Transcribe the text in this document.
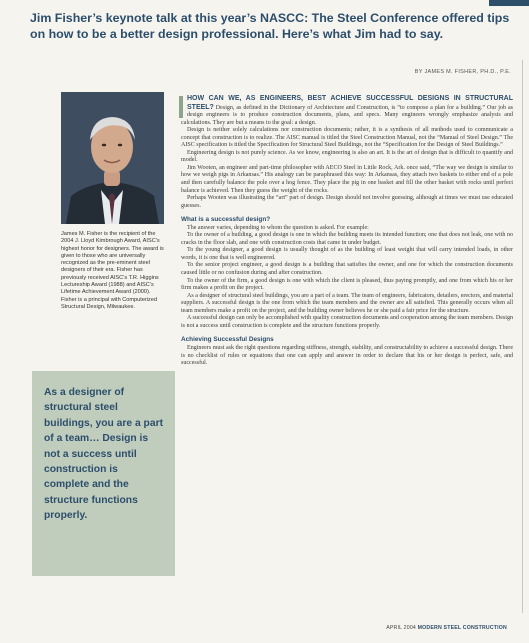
Jim Fisher’s keynote talk at this year’s NASCC: The Steel Conference offered tips on how to be a better design professional. Here’s what Jim had to say.
BY JAMES M. FISHER, PH.D., P.E.
James M. Fisher is the recipient of the 2004 J. Lloyd Kimbrough Award, AISC’s highest honor for designers. The award is given to those who are universally recognized as the pre-eminent steel designers of their era. Fisher has previously received AISC’s T.R. Higgins Lectureship Award (1988) and AISC’s Lifetime Achievement Award (2000). Fisher is a principal with Computerized Structural Design, Milwaukee.
As a designer of structural steel buildings, you are a part of a team… Design is not a success until construction is complete and the structure functions properly.

HOW CAN WE, AS ENGINEERS, BEST ACHIEVE SUCCESSFUL DESIGNS IN STRUCTURAL STEEL? Design, as defined in the Dictionary of Architecture and Construction, is “to compose a plan for a building.” Our job as design engineers is to produce construction documents, plans, and specs. Many engineers wrongly emphasize analysis and calculations. They are but a means to the goal: a design.

Design is neither solely calculations nor construction documents; rather, it is a synthesis of all methods used to communicate a concept that construction is to realize. The AISC manual is titled the Steel Construction Manual, not the “Manual of Steel Design.” The AISC specification is titled the Specification for Structural Steel Buildings, not the “Specification for the Design of Steel Buildings.”

Engineering design is not purely science. As we know, engineering is also an art. It is the art of design that is difficult to quantify and model.

Jim Wooten, an engineer and part-time philosopher with AECO Steel in Little Rock, Ark. once said, “The way we design is similar to how we weigh pigs in Arkansas.” His analogy can be paraphrased this way: In Arkansas, they attach two baskets to either end of a pole and then carefully balance the pole over a hog fence. They place the pig in one basket and fill the other basket with rocks until perfect balance is achieved. Then they guess the weight of the rocks.

Perhaps Wooten was illustrating the “art” part of design. Design should not involve guessing, although at times we must use educated guesses.

What is a successful design?

The answer varies, depending to whom the question is asked. For example:

To the owner of a building, a good design is one in which the building meets its intended function; one that does not leak, one with no cracks in the floor slab, and one with construction costs that came in under budget.

To the young designer, a good design is usually thought of as the building of least weight that will carry intended loads, in other words, it is one that is well engineered.

To the senior project engineer, a good design is a building that satisfies the owner, and one for which the construction documents caused little or no confusion during and after construction.

To the owner of the firm, a good design is one with which the client is pleased, thus paying promptly, and one from which his or her firm makes a profit on the project.

As a designer of structural steel buildings, you are a part of a team. The team of engineers, fabricators, detailers, erectors, and material suppliers. A successful design is the one from which the team members and the owner are all satisfied. This generally occurs when all team members make a profit on the project, and the building owner believes he or she paid a fair price for the structure.

A successful design can only be accomplished with quality construction documents and cooperation among the team members. Design is not a success until construction is complete and the structure functions properly.

Achieving Successful Designs

Engineers must ask the right questions regarding stiffness, strength, stability, and constructability to achieve a successful design. There is no checklist of rules or equations that one can apply and answer in order to declare that his or her design is perfect, safe, and successful.

APRIL 2004 MODERN STEEL CONSTRUCTION
